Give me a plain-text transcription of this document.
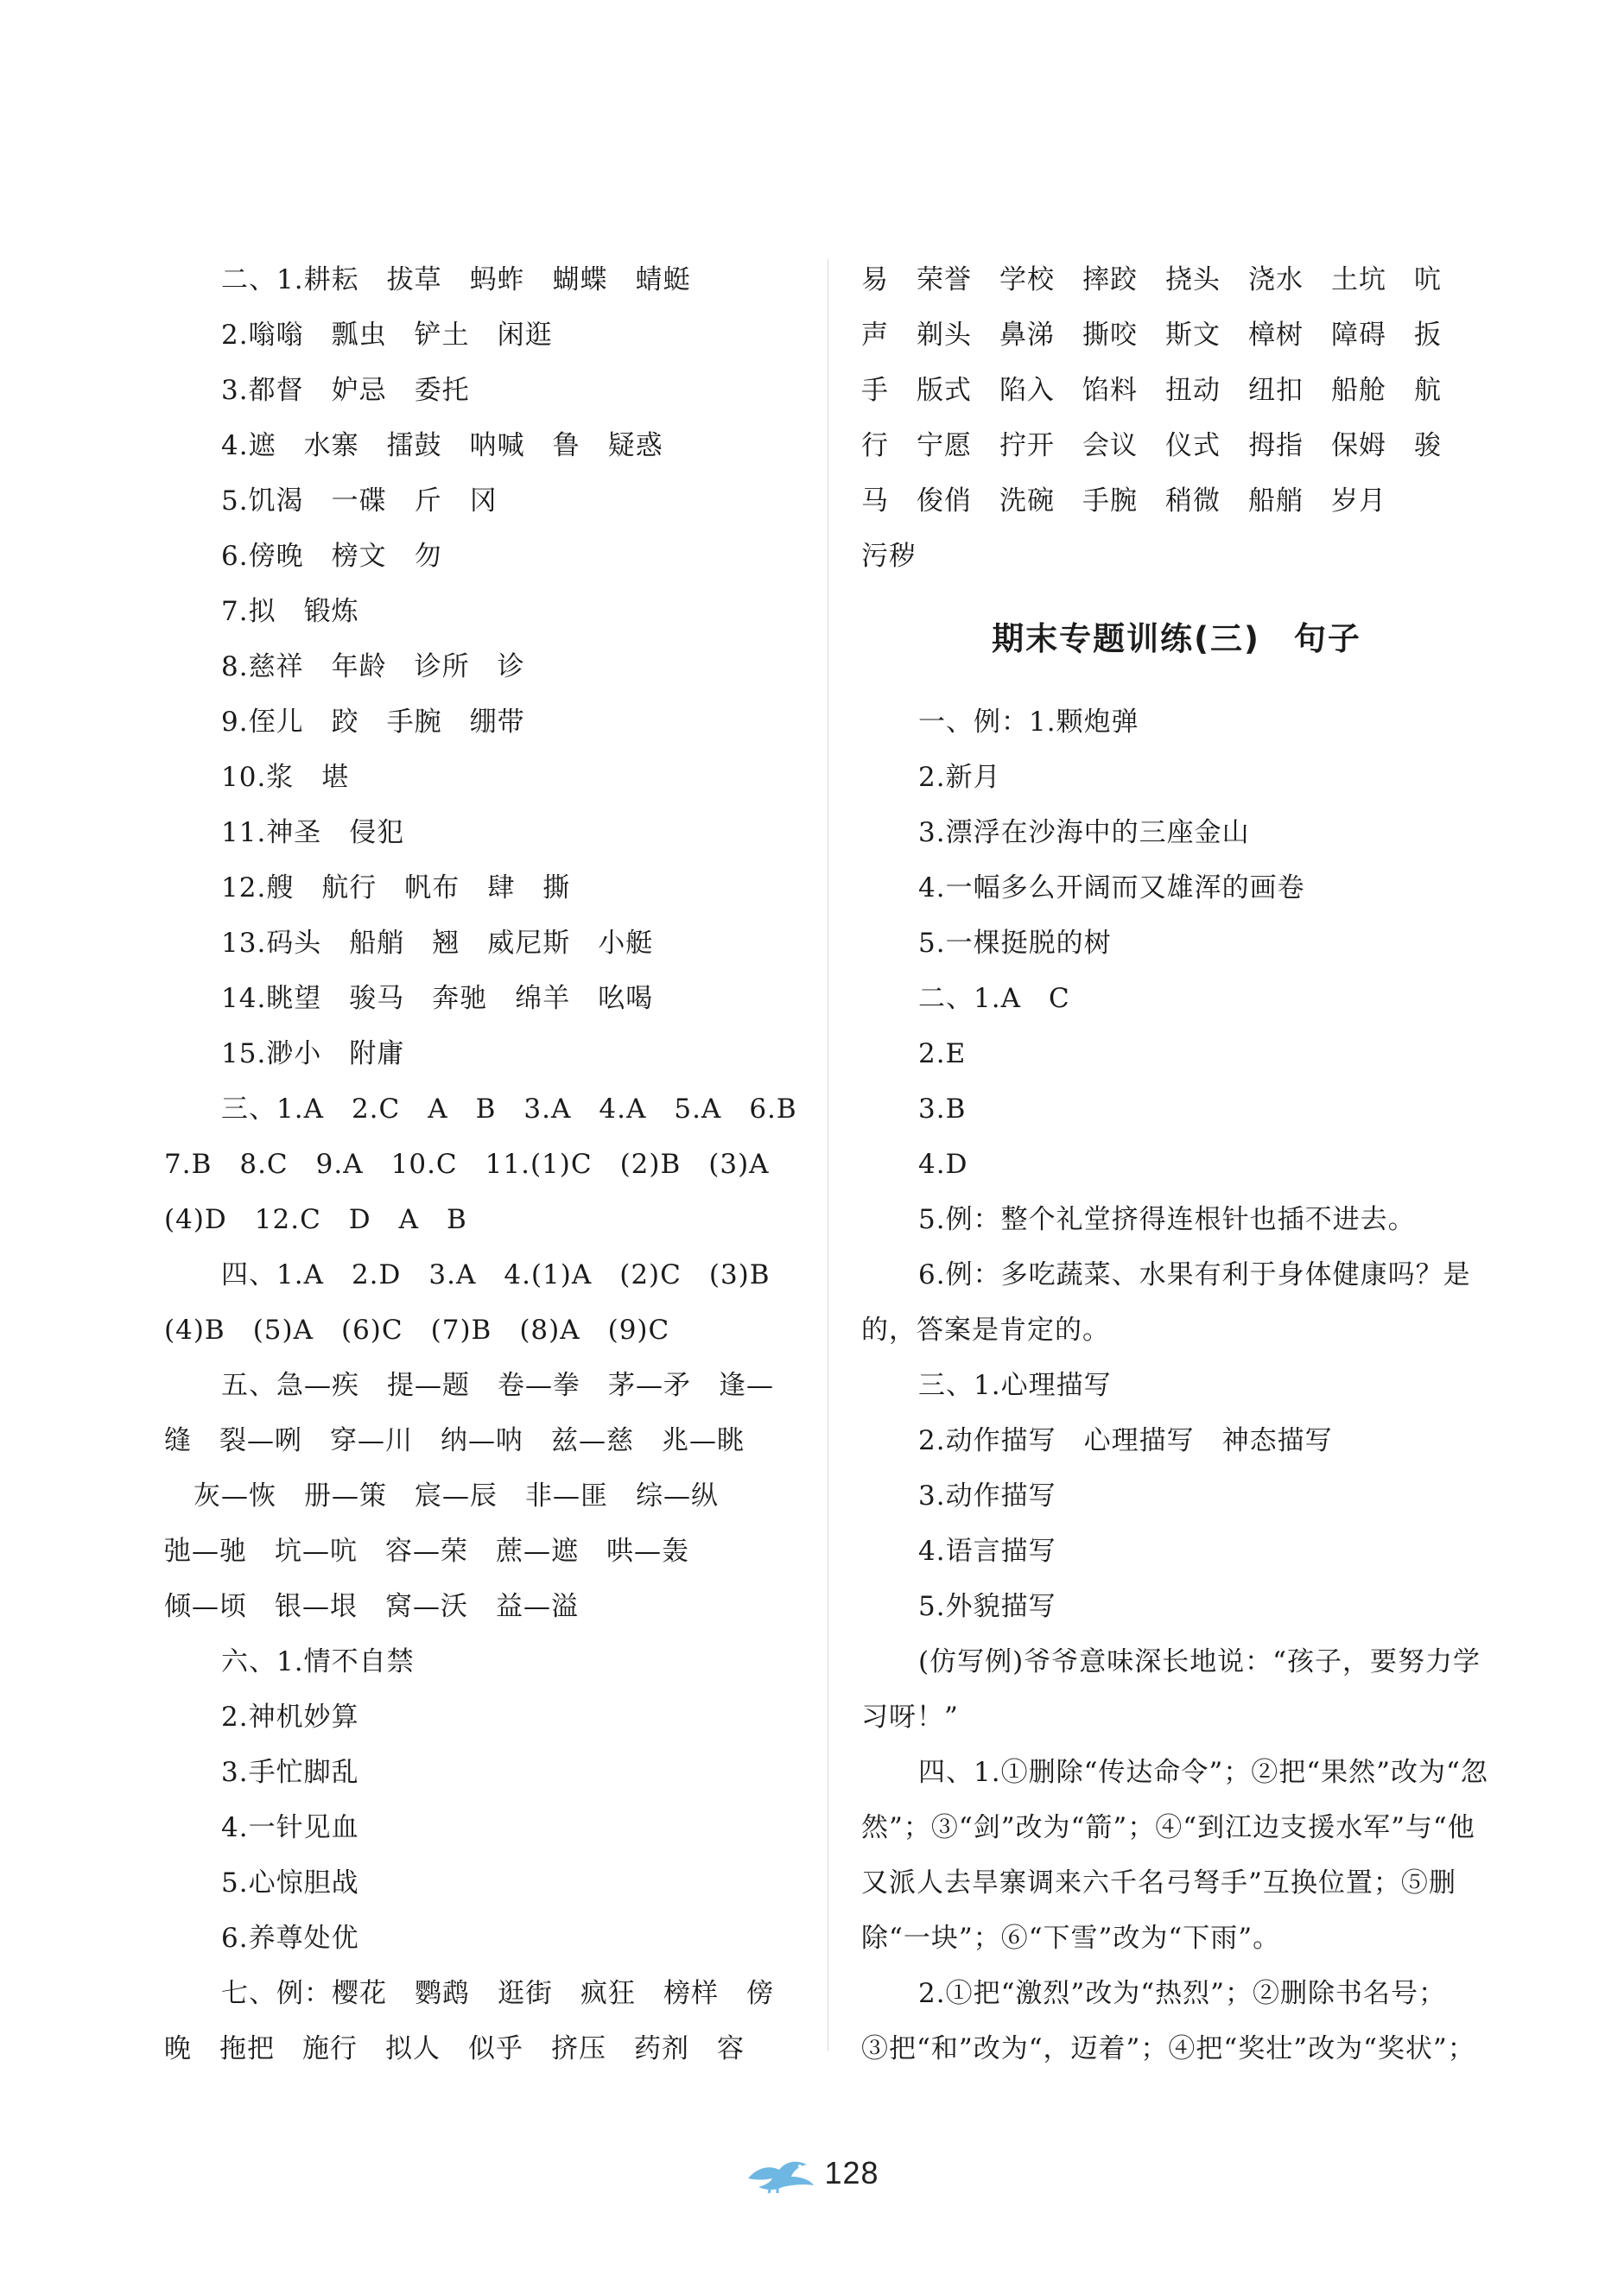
二、1.耕耘　拔草　蚂蚱　蝴蝶　蜻蜓
2.嗡嗡　瓢虫　铲土　闲逛
3.都督　妒忌　委托
4.遮　水寨　擂鼓　呐喊　鲁　疑惑
5.饥渴　一碟　斤　冈
6.傍晚　榜文　勿
7.拟　锻炼
8.慈祥　年龄　诊所　诊
9.侄儿　跤　手腕　绷带
10.浆　堪
11.神圣　侵犯
12.艘　航行　帆布　肆　撕
13.码头　船艄　翘　威尼斯　小艇
14.眺望　骏马　奔驰　绵羊　吆喝
15.渺小　附庸
三、1.A　2.C　A　B　3.A　4.A　5.A　6.B
7.B　8.C　9.A　10.C　11.(1)C　(2)B　(3)A
(4)D　12.C　D　A　B
四、1.A　2.D　3.A　4.(1)A　(2)C　(3)B
(4)B　(5)A　(6)C　(7)B　(8)A　(9)C
五、急—疾　提—题　卷—拳　茅—矛　逢—
缝　裂—咧　穿—川　纳—呐　兹—慈　兆—眺
灰—恢　册—策　宸—辰　非—匪　综—纵
弛—驰　坑—吭　容—荣　蔗—遮　哄—轰
倾—顷　银—垠　窝—沃　益—溢
六、1.情不自禁
2.神机妙算
3.手忙脚乱
4.一针见血
5.心惊胆战
6.养尊处优
七、例：樱花　鹦鹉　逛街　疯狂　榜样　傍
晚　拖把　施行　拟人　似乎　挤压　药剂　容
易　荣誉　学校　摔跤　挠头　浇水　土坑　吭
声　剃头　鼻涕　撕咬　斯文　樟树　障碍　扳
手　版式　陷入　馅料　扭动　纽扣　船舱　航
行　宁愿　拧开　会议　仪式　拇指　保姆　骏
马　俊俏　洗碗　手腕　稍微　船艄　岁月
污秽
期末专题训练(三)　句子
一、例：1.颗炮弹
2.新月
3.漂浮在沙海中的三座金山
4.一幅多么开阔而又雄浑的画卷
5.一棵挺脱的树
二、1.A　C
2.E
3.B
4.D
5.例：整个礼堂挤得连根针也插不进去。
6.例：多吃蔬菜、水果有利于身体健康吗？是
的，答案是肯定的。
三、1.心理描写
2.动作描写　心理描写　神态描写
3.动作描写
4.语言描写
5.外貌描写
(仿写例)爷爷意味深长地说：“孩子，要努力学
习呀！”
四、1.①删除“传达命令”；②把“果然”改为“忽
然”；③“剑”改为“箭”；④“到江边支援水军”与“他
又派人去旱寨调来六千名弓弩手”互换位置；⑤删
除“一块”；⑥“下雪”改为“下雨”。
2.①把“激烈”改为“热烈”；②删除书名号；
③把“和”改为“，迈着”；④把“奖壮”改为“奖状”；
128
